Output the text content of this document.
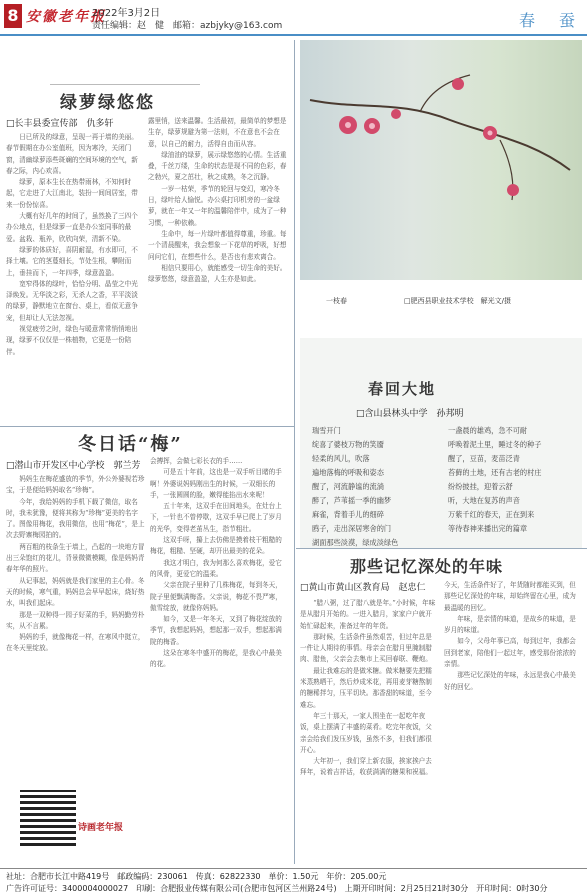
8 安徽老年报
2022年3月2日
责任编辑：赵　健　邮箱：azbjyky@163.com	春　蚕
绿萝绿悠悠
□长丰县委宣传部　仇多轩

日已所及的绿意，呈现一再于墙的美丽。春节假期在办公室值班，因为寒冷，关闭门窗，清幽绿萝添些斑斓的空间环境的空气，新春之际，内心欢喜。

绿萝，原本生长在热带雨林，不知何时起，它走进了大江南北，装扮一间间居室，带来一份份惊喜。

大概有好几年的时间了，虽然换了三四个办公地点，但是绿萝一直是办公室同事的最爱。盆栽、瓶养，欣欣向荣，清新不染。

绿萝的体质好，喜阴耐湿，有水即可，不择土壤。它的茎蔓细长，节处生根，攀附而上，垂挂而下，一年四季，绿意盈盈。

宽窄得体的绿叶，恰恰分明、晶莹之中光泽焕发。无华淡之彩，无杀人之香，平平淡淡的绿萝，静默地立在窗台、桌上，看似无意争宠，但却让人无法忽视。

视觉疲劳之时，绿色与暖意常常悄悄地出现，绿萝不仅仅是一株植物，它更是一份陪伴。

露里悄，送来温馨。生活最初，最简单的梦想是生存，绿萝规避为第一法则，不在意也不会在意，以自己的耐力，活得自由而从容。

绿油油的绿萝，展示绿悠悠的心情。生活重叠，千丝万缕，生命的状态是现不同的色彩，春之勃兴，夏之茁壮，秋之成熟，冬之沉静。

一岁一枯荣，季节的轮回与变幻，寒冷冬日，绿叶给人愉悦。办公桌打印机旁的一盆绿萝，就在一年又一年的温馨陪伴中，成为了一种习惯，一种依赖。

生命中，每一片绿叶都值得尊重，珍重。每一个清晨醒来，我会想象一下花草的呼吸，好想问问它们，在想些什么，是否也有悲欢离合。

相信只要用心，就能感受一切生命的美好。绿萝悠悠，绿意盈盈，人生亦是如此。

一枝春	□肥西县职业技术学校　解光文/摄
春回大地
□含山县林头中学　孙邦明
瑞雪开门
绽喜了婆枝万物的笑靥
轻柔的风儿，吹落
遍地落梅的呼吸和姿态
醒了，河流静谧的流淌
醉了，芦苇摇一季的幽梦
麻雀，背着手儿的细碎
鸥子，走出深居寒舍的门
湖面那些淡漠，绿成淡绿色
一盏晨的雄鸡，急不可耐
呼唤着泥土里，睡过冬的种子
醒了，豆苗，麦苗泛青
苔藓的土地，还有古老的村庄
纷纷披挂，迎着云舒
听，大地在复苏的声音
万紫千红的春天，正在到来
等待春神来播出完的篇章
冬日话“梅”
□潜山市开发区中心学校　郭兰芳

妈妈生在梅花盛放的季节，外公外婆视若珍宝，于是便给妈妈取名“珍梅”。

今年，我给妈妈的手机下载了微信，取名时，我未犹豫，便将其称为“珍梅”更美的名字了。图像用梅花，我用微信，也用“梅花”，是上次去野寨梅园拍的。

两百粗的枝条生于墙上，凸起的一块地方冒出三朵饱红的花儿，背景微微模糊，像是妈妈青春年华的照片。

从记事起，妈妈就是我们家里的主心骨。冬天的时候，寒气重，妈妈总会早早起床，烧好热水，叫我们起床。

那是一双种得一园子好菜的手，妈妈勤劳朴实，从不言累。

妈妈的手，就像梅花一样，在寒风中挺立，在冬天里绽放。

会搏挥，会做七彩长衣的手……

可是五十年前，这也是一双手听目睹的手啊！外婆说妈妈刚出生的时候，一双细长的手，一张圆圆的脸，嫩得能掐出水来呢！

五十年来，这双手在田间地头，在灶台上下，一针也不曾停歇，这双手早已爬上了岁月的光华，变得老茧丛生，指节粗壮。

这双手呀，攥上去仿佛是摸着枝干粗糙的梅花，粗糙、坚硬，却开出最美的花朵。

我这才明白，我为何那么喜欢梅花，爱它的风骨，更爱它的温柔。

父亲在院子里种了几株梅花，每到冬天，院子里便飘满梅香。父亲说，梅花不畏严寒，傲雪绽放，就像你妈妈。

如今，又是一年冬天，又到了梅花绽放的季节，我想起妈妈，想起那一双手，想起那满院的梅香。

这朵在寒冬中盛开的梅花，是我心中最美的花。

诗画老年报
那些记忆深处的年味
□黄山市黄山区教育局　赵忠仁

“腊八粥，过了腊八就是年。”小时候，年味是从腊月开始的。一进入腊月，家家户户就开始忙碌起来，准备过年的年货。

那时候，生活条件虽然艰苦，但过年总是一件让人期待的事情。母亲会在腊月里腌制腊肉、腊鱼，父亲会去集市上买回春联、鞭炮。

最让我难忘的是做米糖。做米糖要先把糯米蒸熟晒干，然后炒成米花，再用麦芽糖熬制的糖稀拌匀，压平切块。那香甜的味道，至今难忘。

年三十那天，一家人围坐在一起吃年夜饭，桌上摆满了丰盛的菜肴。吃完年夜饭，父亲会给我们发压岁钱，虽然不多，但我们都很开心。

大年初一，我们穿上新衣服，挨家挨户去拜年，说着吉祥话，收获满满的糖果和祝福。

今天，生活条件好了，年货随时都能买到，但那些记忆深处的年味，却始终留在心里，成为最温暖的回忆。

年味，是亲情的味道，是故乡的味道，是岁月的味道。

如今，父母年事已高，每到过年，我都会回到老家，陪他们一起过年，感受那份浓浓的亲情。

那些记忆深处的年味，永远是我心中最美好的回忆。

社址：合肥市长江中路419号　邮政编码：230061　传真：62822330　单价：1.50元　年价：205.00元
广告许可证号：3400004000027　印刷：合肥报业传媒有限公司(合肥市包河区兰州路24号)　上期开印时间：2月25日21时30分　开印时间：0时30分
